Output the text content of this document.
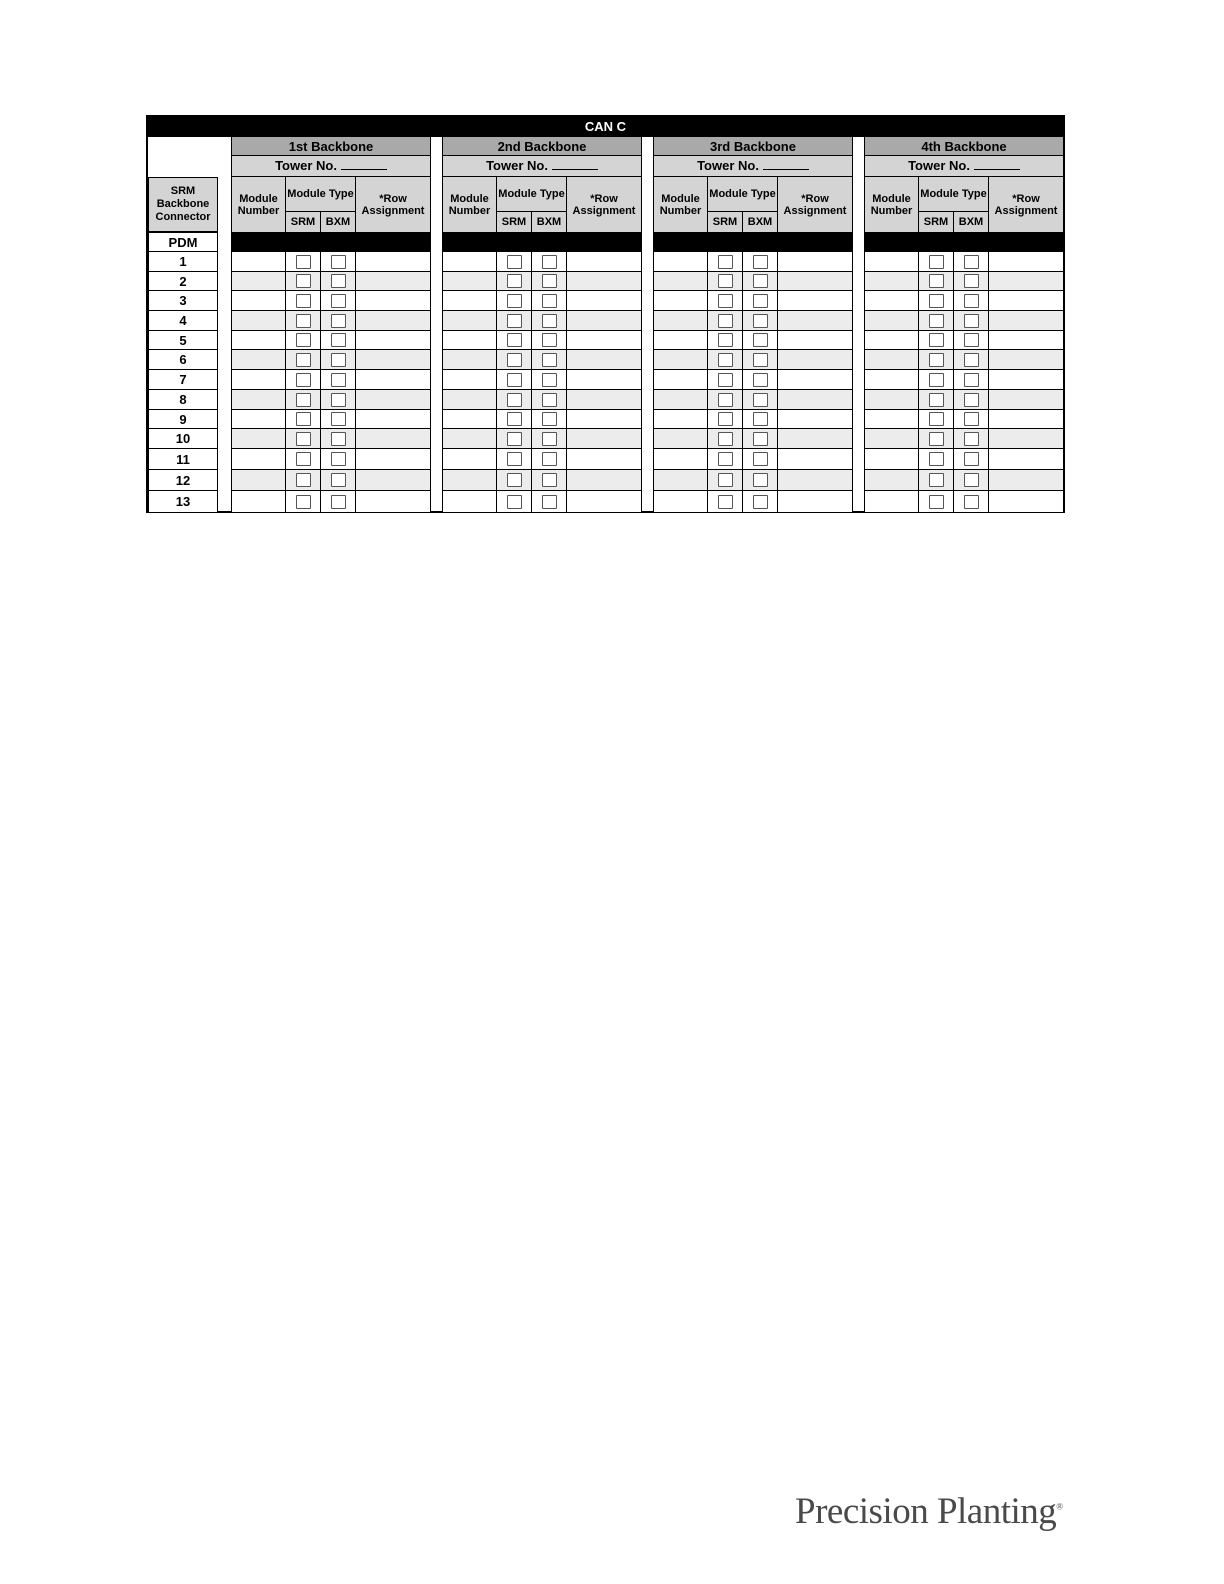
CAN C
SRM Backbone Connector
PDM
1
2
3
4
5
6
7
8
9
10
11
12
13
1st Backbone
Tower No.
Module Number
Module Type
SRM BXM
*Row Assignment
2nd Backbone
Tower No.
Module Number
Module Type
SRM BXM
*Row Assignment
3rd Backbone
Tower No.
Module Number
Module Type
SRM BXM
*Row Assignment
4th Backbone
Tower No.
Module Number
Module Type
SRM BXM
*Row Assignment
Precision Planting®
